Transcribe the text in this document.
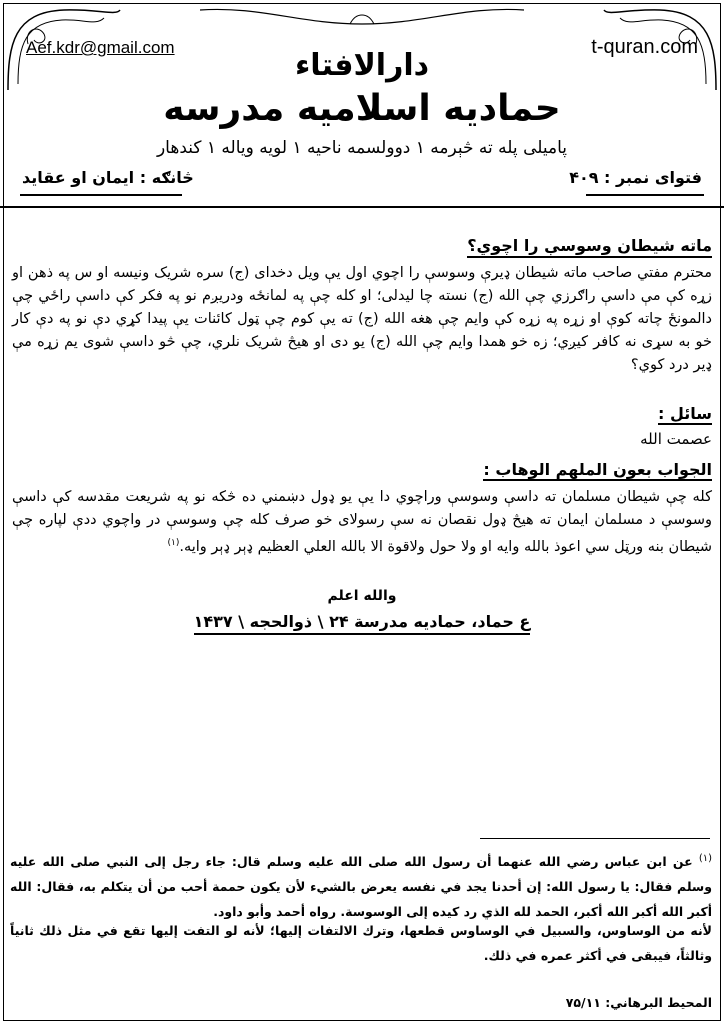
Aef.kdr@gmail.com	t-quran.com
دارالافتاء
حمادیه اسلامیه مدرسه
پامیلی پله ته څېرمه ۱ دوولسمه ناحیه ۱ لویه ویاله ۱ کندهار
فتوای نمبر : ۴۰۹
څانګه : ایمان او عقاید
ماته شیطان وسوسې را اچوي؟
محترم مفتي صاحب ماته شیطان ډیرې وسوسې را اچوي اول یې ویل دخدای (ج) سره شریک ونیسه او س په ذهن او زړه کې مې داسې راګرزي چې الله (ج) نسته چا لیدلی؛ او کله چې په لمانځه ودریږم نو په فکر کې داسې راځي چې دالمونځ چاته کوې او زړه په زړه کې وایم چې هغه الله (ج) ته یې کوم چې ټول کائنات یې پیدا کړي دې نو په دې کار خو به سړی نه کافر کیږي؛ زه خو همدا وایم چې الله (ج) یو دی او هیڅ شریک نلري، چې څو داسې شوی یم زړه مې ډیر درد کوي؟
سائل :
عصمت الله
الجواب بعون الملهم الوهاب :
کله چې شیطان مسلمان ته داسې وسوسې وراچوي دا یې یو ډول دښمني ده څکه نو په شریعت مقدسه کې داسې وسوسې د مسلمان ایمان ته هیڅ ډول نقصان نه سې رسولای خو صرف کله چې وسوسې در واچوي ددې لپاره چې شیطان بنه ورټل سي اعوذ بالله وایه او ولا حول ولاقوة الا بالله العلي العظیم ډېر ډېر وایه.$^{(۱)}$
والله اعلم
ع حماد، حمادیه مدرسة ۲۴ \ ذوالحجه \ ۱۴۳۷
$^{(۱)}$ عن ابن عباس رضي الله عنهما أن رسول الله صلى الله عليه وسلم قال: جاء رجل إلى النبي صلى الله عليه وسلم فقال: يا رسول الله: إن أحدنا يجد في نفسه يعرض بالشيء لأن يكون حممة أحب من أن يتكلم به، فقال: الله أكبر الله أكبر الله أكبر، الحمد لله الذي رد كيده إلى الوسوسة. رواه أحمد وأبو داود.
لأنه من الوساوس، والسبيل في الوساوس قطعها، وترك الالتفات إليها؛ لأنه لو التفت إليها تقع في مثل ذلك ثانياً وثالثاً، فيبقى في أكثر عمره في ذلك.
المحيط البرهاني: ۷۵/۱۱
